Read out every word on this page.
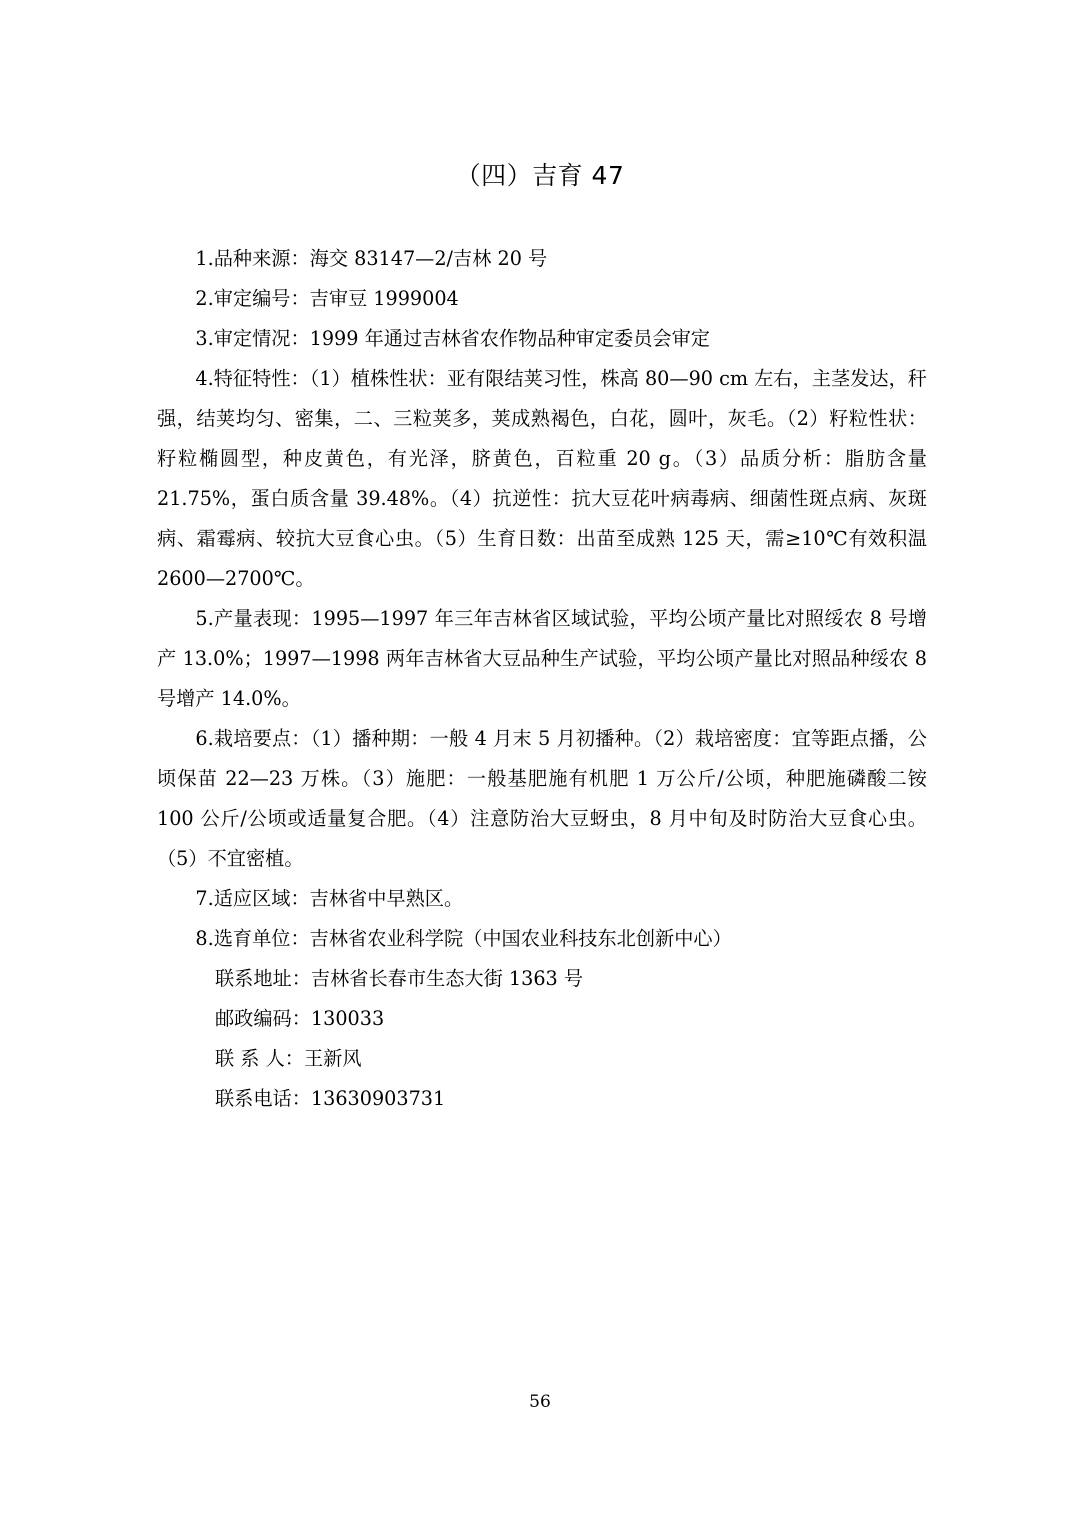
（四）吉育 47

1.品种来源：海交 83147—2/吉林 20 号

2.审定编号：吉审豆 1999004

3.审定情况：1999 年通过吉林省农作物品种审定委员会审定

4.特征特性：（1）植株性状：亚有限结荚习性，株高 80—90 cm 左右，主茎发达，秆强，结荚均匀、密集，二、三粒荚多，荚成熟褐色，白花，圆叶，灰毛。（2）籽粒性状：籽粒椭圆型，种皮黄色，有光泽，脐黄色，百粒重 20 g。（3）品质分析：脂肪含量 21.75%，蛋白质含量 39.48%。（4）抗逆性：抗大豆花叶病毒病、细菌性斑点病、灰斑病、霜霉病、较抗大豆食心虫。（5）生育日数：出苗至成熟 125 天，需≥10℃有效积温 2600—2700℃。

5.产量表现：1995—1997 年三年吉林省区域试验，平均公顷产量比对照绥农 8 号增产 13.0%；1997—1998 两年吉林省大豆品种生产试验，平均公顷产量比对照品种绥农 8 号增产 14.0%。

6.栽培要点：（1）播种期：一般 4 月末 5 月初播种。（2）栽培密度：宜等距点播，公顷保苗 22—23 万株。（3）施肥：一般基肥施有机肥 1 万公斤/公顷，种肥施磷酸二铵 100 公斤/公顷或适量复合肥。（4）注意防治大豆蚜虫，8 月中旬及时防治大豆食心虫。（5）不宜密植。

7.适应区域：吉林省中早熟区。

8.选育单位：吉林省农业科学院（中国农业科技东北创新中心）

联系地址：吉林省长春市生态大街 1363 号

邮政编码：130033

联 系 人：王新风

联系电话：13630903731

56
